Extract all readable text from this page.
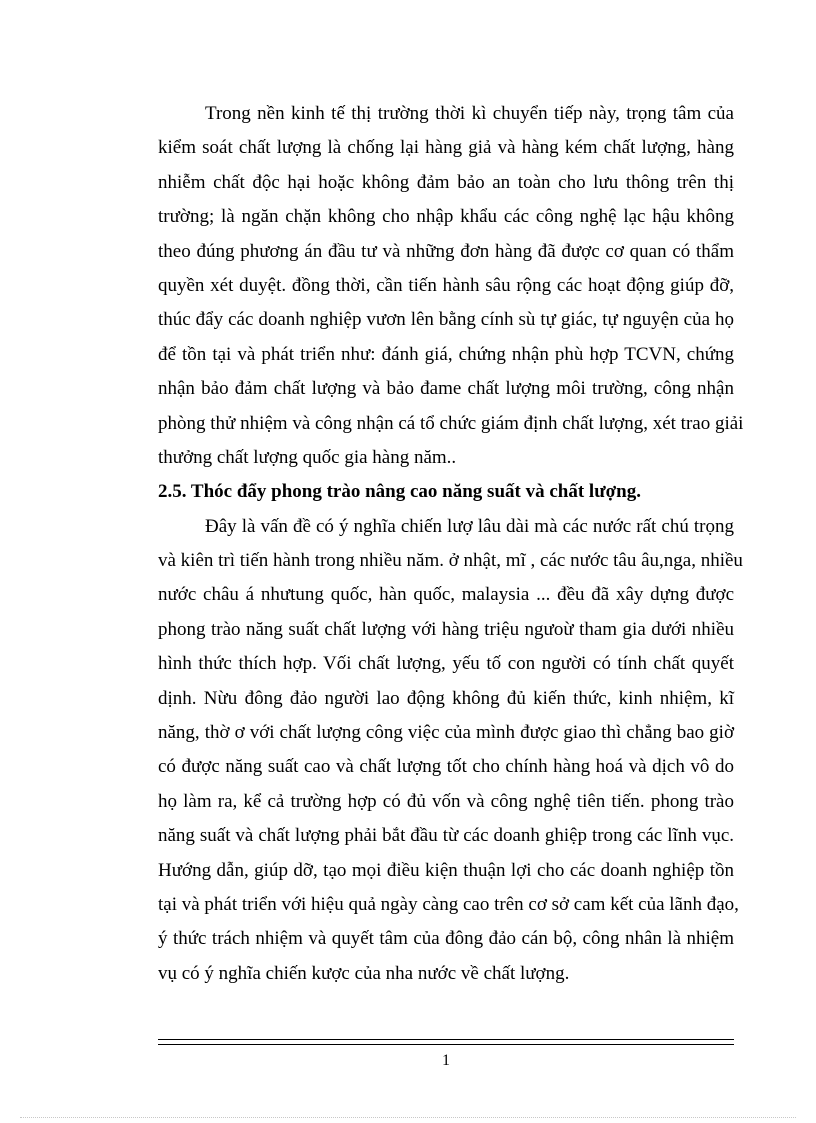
Trong nền kinh tế thị trường thời kì chuyển tiếp này, trọng tâm của
kiểm soát chất lượng là chống lại hàng giả và hàng kém chất lượng, hàng
nhiễm chất độc hại hoặc không đảm bảo an toàn cho lưu thông trên thị
trường; là ngăn chặn không cho nhập khẩu các công nghệ lạc hậu không
theo đúng phương án đầu tư và những đơn hàng đã được cơ quan có thẩm
quyền xét duyệt. đồng thời, cần tiến hành sâu rộng các hoạt động giúp đỡ,
thúc đẩy các doanh nghiệp vươn lên bằng cính sù tự giác, tự nguyện của họ
để tồn tại và phát triển như: đánh giá, chứng nhận phù hợp TCVN, chứng
nhận bảo đảm chất lượng và bảo đame chất lượng môi trường, công nhận
phòng thử nhiệm và công nhận cá tổ chức giám định chất lượng, xét trao giải
thưởng chất lượng quốc gia hàng năm..
2.5. Thóc đẩy phong trào nâng cao năng suất và chất lượng.
Đây là vấn đề có ý nghĩa chiến lượ lâu dài mà các nước rất chú trọng
và kiên trì tiến hành trong nhiều năm. ở nhật, mĩ , các nước tâu âu,nga, nhiều
nước châu á nhưtung quốc, hàn quốc, malaysia ... đều đã xây dựng được
phong trào năng suất chất lượng với hàng triệu ngưoừ tham gia dưới nhiều
hình thức thích hợp. Vối chất lượng, yếu tố con người có tính chất quyết
dịnh. Nừu đông đảo người lao động không đủ kiến thức, kinh nhiệm, kĩ
năng, thờ ơ với chất lượng công việc của mình được giao thì chẳng bao giờ
có được năng suất cao và chất lượng tốt cho chính hàng hoá và dịch vô do
họ làm ra, kể cả trường hợp có đủ vốn và công nghệ tiên tiến. phong trào
năng suất và chất lượng phải bắt đầu từ các doanh ghiệp trong các lĩnh vục.
Hướng dẫn, giúp dỡ, tạo mọi điều kiện thuận lợi cho các doanh nghiệp tồn
tại và phát triển với hiệu quả ngày càng cao trên cơ sở cam kết của lãnh đạo,
ý thức trách nhiệm và quyết tâm của đông đảo cán bộ, công nhân là nhiệm
vụ có ý nghĩa chiến kược của nha nước về chất lượng.
1
